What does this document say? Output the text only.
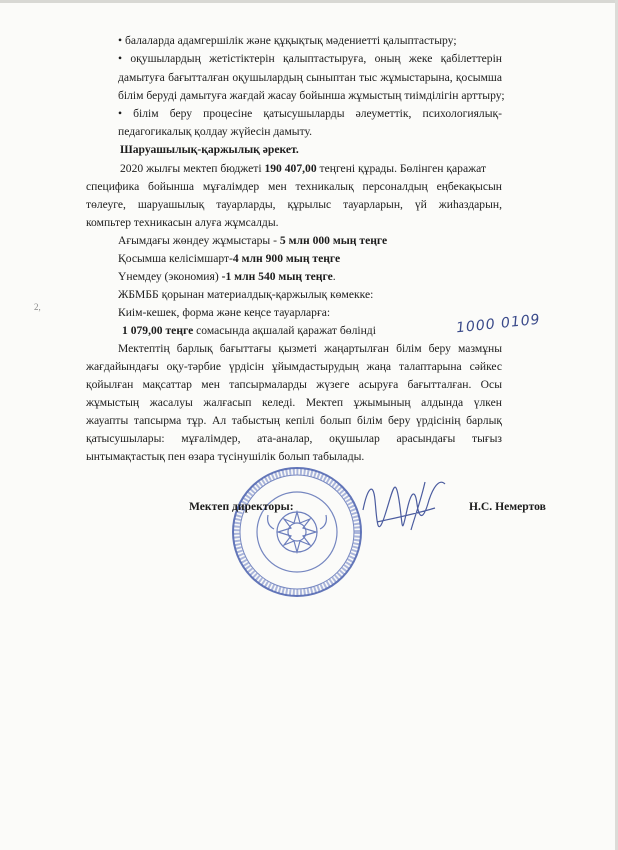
• балаларда адамгершілік және құқықтық мәдениетті қалыптастыру;
• оқушылардың жетістіктерін қалыптастыруға, оның жеке қабілеттерін
дамытуға бағытталған оқушылардың сыныптан тыс жұмыстарына, қосымша
білім беруді дамытуға жағдай жасау бойынша жұмыстың тиімділігін арттыру;
• білім беру процесіне қатысушыларды әлеуметтік, психологиялық-
педагогикалық қолдау жүйесін дамыту.
Шаруашылық-қаржылық әрекет.
2020 жылғы мектеп бюджеті 190 407,00 теңгені құрады. Бөлінген қаражат
специфика бойынша мұғалімдер мен техникалық персоналдың еңбекақысын
төлеуге, шаруашылық тауарларды, құрылыс тауарларын, үй жиһаздарын,
компьтер техникасын алуға жұмсалды.
Ағымдағы жөндеу жұмыстары - 5 млн 000 мың теңге
Қосымша келісімшарт-4 млн 900 мың теңге
Үнемдеу (экономия) -1 млн 540 мың теңге.
ЖБМББ қорынан материалдық-қаржылық көмекке:
Киім-кешек, форма және кеңсе тауарларға:
1 079,00 теңге сомасында ақшалай қаражат бөлінді
Мектептің барлық бағыттағы қызметі жаңартылған білім беру мазмұны
жағдайындағы оқу-тәрбие үрдісін ұйымдастырудың жаңа талаптарына сәйкес
қойылған мақсаттар мен тапсырмаларды жүзеге асыруға бағытталған. Осы
жұмыстың жасалуы жалғасып келеді. Мектеп ұжымының алдында үлкен
жауапты тапсырма тұр. Ал табыстың кепілі болып білім беру үрдісінің барлық
қатысушылары: мұғалімдер, ата-аналар, оқушылар арасындағы тығыз
ынтымақтастық пен өзара түсінушілік болып табылады.
2,
1000 0109
Мектеп директоры:	Н.С. Немертов
